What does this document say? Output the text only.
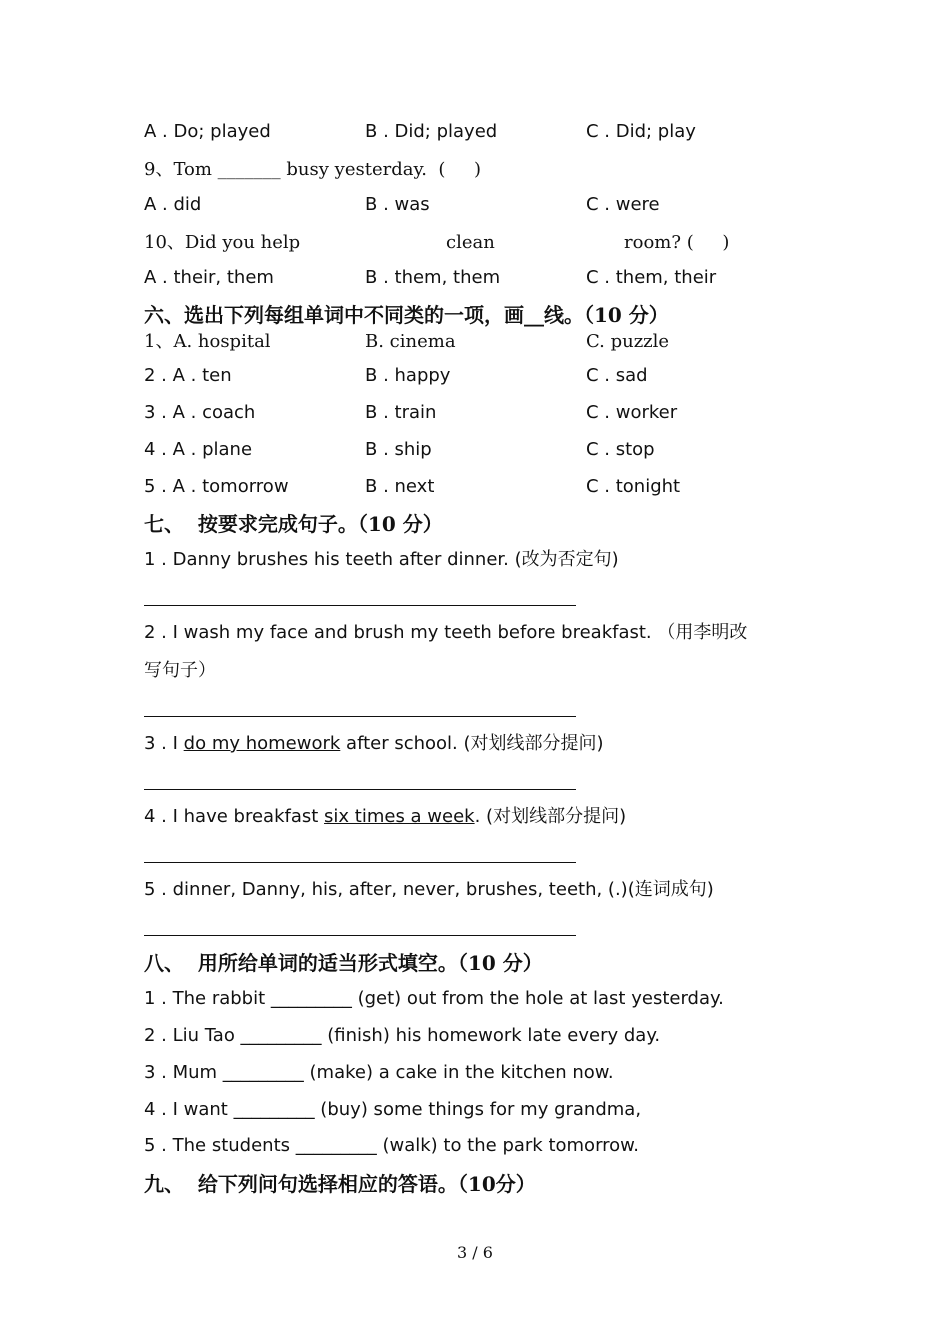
A . Do; played	B . Did; played	C . Did; play
9、Tom _______ busy yesterday.  (     )
A . did	B . was	C . were
10、Did you help	clean	room? (     )
A . their, them	B . them, them	C . them, their
六、选出下列每组单词中不同类的一项，画__线。（10 分）
1、A. hospital	B. cinema	C. puzzle
2 . A . ten	B . happy	C . sad
3 . A . coach	B . train	C . worker
4 . A . plane	B . ship	C . stop
5 . A . tomorrow	B . next	C . tonight
七、  按要求完成句子。（10 分）
1 . Danny brushes his teeth after dinner. (改为否定句)
2 . I wash my face and brush my teeth before breakfast. （用李明改
写句子）
3 . I do my homework after school. (对划线部分提问)
4 . I have breakfast six times a week. (对划线部分提问)
5 . dinner, Danny, his, after, never, brushes, teeth, (.)(连词成句)
八、  用所给单词的适当形式填空。（10 分）
1 . The rabbit _________ (get) out from the hole at last yesterday.
2 . Liu Tao _________ (finish) his homework late every day.
3 . Mum _________ (make) a cake in the kitchen now.
4 . I want _________ (buy) some things for my grandma,
5 . The students _________ (walk) to the park tomorrow.
九、  给下列问句选择相应的答语。（10分）
3 / 6
